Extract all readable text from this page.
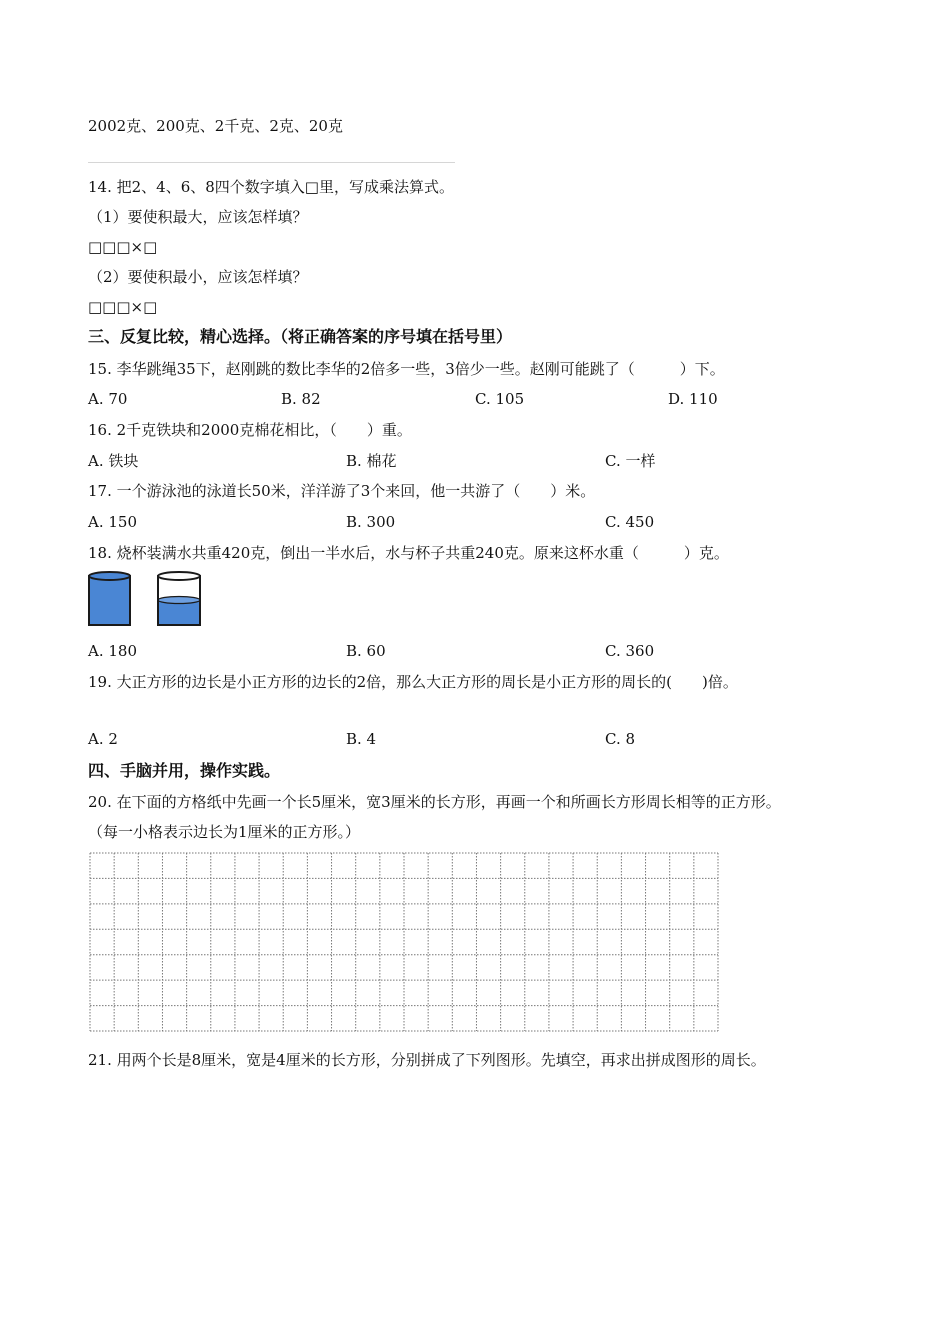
2002克、200克、2千克、2克、20克
14. 把2、4、6、8四个数字填入□里，写成乘法算式。
（1）要使积最大，应该怎样填？
□□□×□
（2）要使积最小，应该怎样填？
□□□×□
三、反复比较，精心选择。（将正确答案的序号填在括号里）
15. 李华跳绳35下，赵刚跳的数比李华的2倍多一些，3倍少一些。赵刚可能跳了（　　　）下。
A. 70	B. 82	C. 105	D. 110
16. 2千克铁块和2000克棉花相比，（　　）重。
A. 铁块	B. 棉花	C. 一样
17. 一个游泳池的泳道长50米，洋洋游了3个来回，他一共游了（　　）米。
A. 150	B. 300	C. 450
18. 烧杯装满水共重420克，倒出一半水后，水与杯子共重240克。原来这杯水重（　　　）克。
A. 180	B. 60	C. 360
19. 大正方形的边长是小正方形的边长的2倍，那么大正方形的周长是小正方形的周长的(　　)倍。
A. 2	B. 4	C. 8
四、手脑并用，操作实践。
20. 在下面的方格纸中先画一个长5厘米，宽3厘米的长方形，再画一个和所画长方形周长相等的正方形。
（每一小格表示边长为1厘米的正方形。）
21. 用两个长是8厘米，宽是4厘米的长方形，分别拼成了下列图形。先填空，再求出拼成图形的周长。
